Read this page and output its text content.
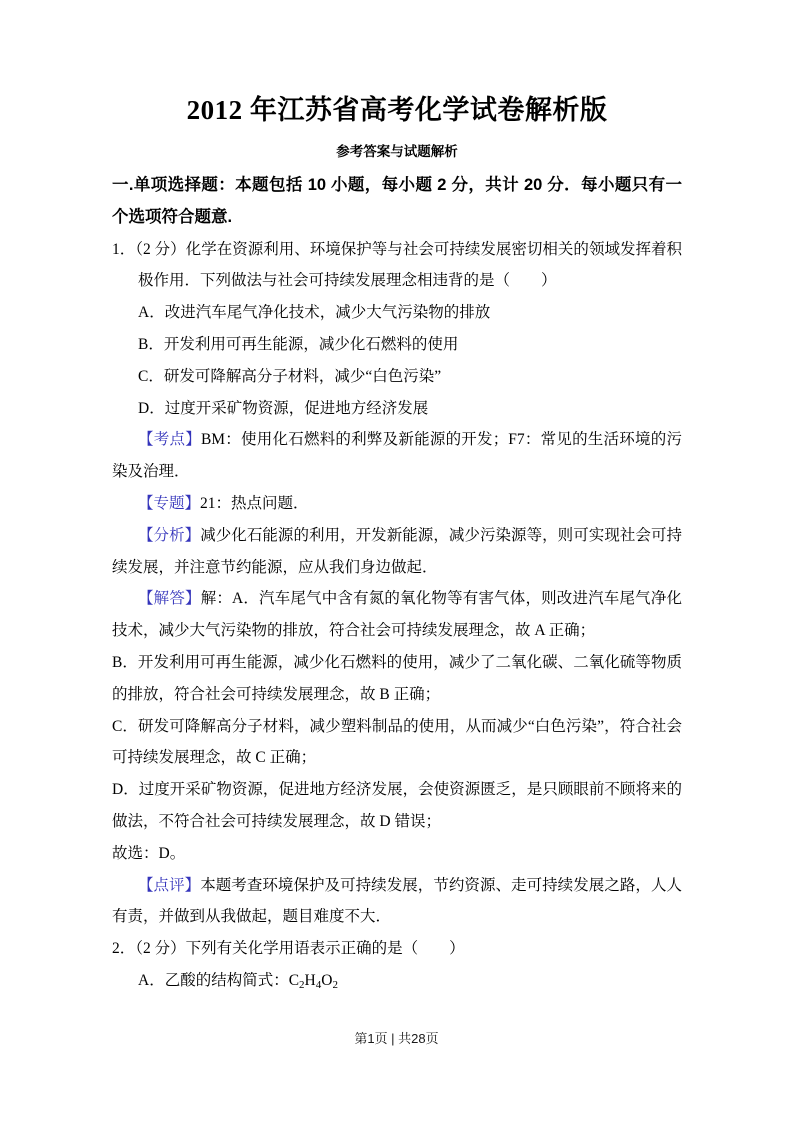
2012 年江苏省高考化学试卷解析版
参考答案与试题解析
一.单项选择题：本题包括 10 小题，每小题 2 分，共计 20 分．每小题只有一个选项符合题意.

1．（2 分）化学在资源利用、环境保护等与社会可持续发展密切相关的领域发挥着积极作用．下列做法与社会可持续发展理念相违背的是（　　）

A．改进汽车尾气净化技术，减少大气污染物的排放

B．开发利用可再生能源，减少化石燃料的使用

C．研发可降解高分子材料，减少“白色污染”

D．过度开采矿物资源，促进地方经济发展

【考点】BM：使用化石燃料的利弊及新能源的开发；F7：常见的生活环境的污染及治理．

【专题】21：热点问题．

【分析】减少化石能源的利用，开发新能源，减少污染源等，则可实现社会可持续发展，并注意节约能源，应从我们身边做起．

【解答】解：A．汽车尾气中含有氮的氧化物等有害气体，则改进汽车尾气净化技术，减少大气污染物的排放，符合社会可持续发展理念，故 A 正确；

B．开发利用可再生能源，减少化石燃料的使用，减少了二氧化碳、二氧化硫等物质的排放，符合社会可持续发展理念，故 B 正确；

C．研发可降解高分子材料，减少塑料制品的使用，从而减少“白色污染”，符合社会可持续发展理念，故 C 正确；

D．过度开采矿物资源，促进地方经济发展，会使资源匮乏，是只顾眼前不顾将来的做法，不符合社会可持续发展理念，故 D 错误；

故选：D。

【点评】本题考查环境保护及可持续发展，节约资源、走可持续发展之路，人人有责，并做到从我做起，题目难度不大．

2．（2 分）下列有关化学用语表示正确的是（　　）

A．乙酸的结构简式：$C_2H_4O_2$

第1页 | 共28页
